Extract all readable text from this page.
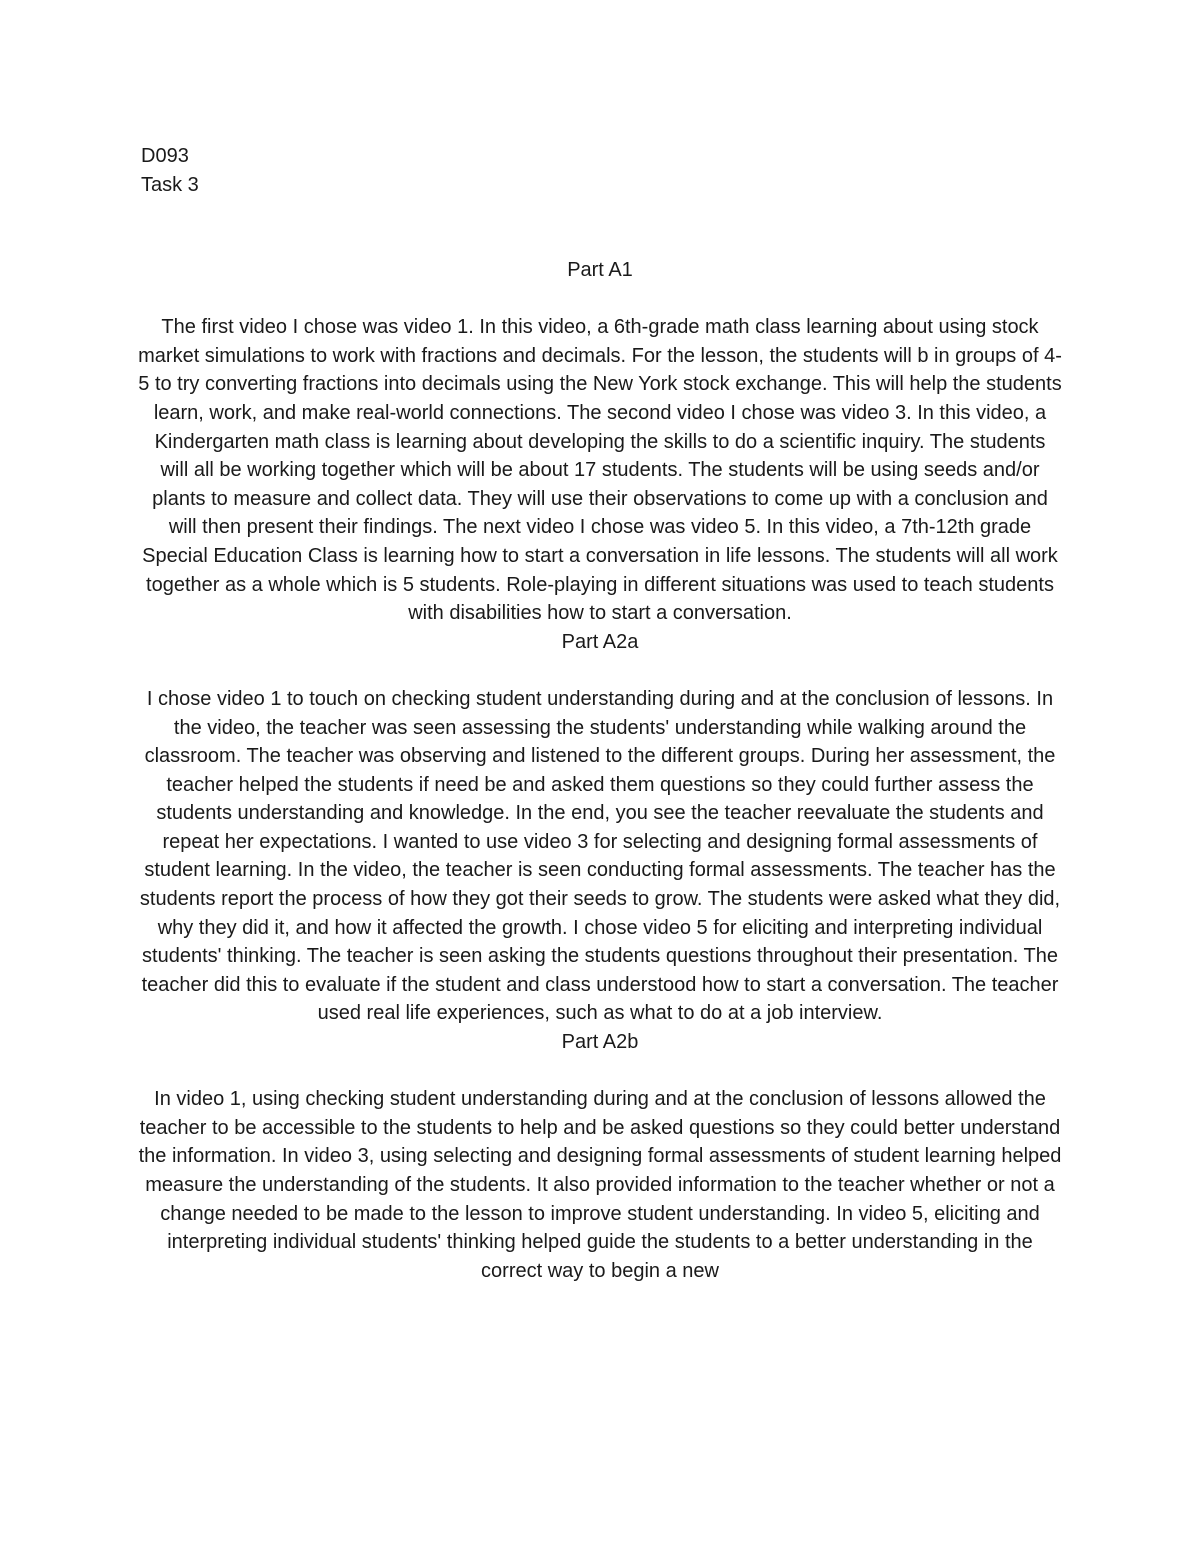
D093
Task 3
Part A1

The first video I chose was video 1. In this video, a 6th-grade math class learning about using stock market simulations to work with fractions and decimals. For the lesson, the students will b in groups of 4-5 to try converting fractions into decimals using the New York stock exchange. This will help the students learn, work, and make real-world connections. The second video I chose was video 3. In this video, a Kindergarten math class is learning about developing the skills to do a scientific inquiry. The students will all be working together which will be about 17 students. The students will be using seeds and/or plants to measure and collect data. They will use their observations to come up with a conclusion and will then present their findings. The next video I chose was video 5. In this video, a 7th-12th grade Special Education Class is learning how to start a conversation in life lessons. The students will all work together as a whole which is 5 students. Role-playing in different situations was used to teach students with disabilities how to start a conversation.

Part A2a

I chose video 1 to touch on checking student understanding during and at the conclusion of lessons. In the video, the teacher was seen assessing the students' understanding while walking around the classroom. The teacher was observing and listened to the different groups. During her assessment, the teacher helped the students if need be and asked them questions so they could further assess the students understanding and knowledge. In the end, you see the teacher reevaluate the students and repeat her expectations. I wanted to use video 3 for selecting and designing formal assessments of student learning. In the video, the teacher is seen conducting formal assessments. The teacher has the students report the process of how they got their seeds to grow. The students were asked what they did, why they did it, and how it affected the growth. I chose video 5 for eliciting and interpreting individual students' thinking. The teacher is seen asking the students questions throughout their presentation. The teacher did this to evaluate if the student and class understood how to start a conversation. The teacher used real life experiences, such as what to do at a job interview.

Part A2b

In video 1, using checking student understanding during and at the conclusion of lessons allowed the teacher to be accessible to the students to help and be asked questions so they could better understand the information. In video 3, using selecting and designing formal assessments of student learning helped measure the understanding of the students. It also provided information to the teacher whether or not a change needed to be made to the lesson to improve student understanding. In video 5, eliciting and interpreting individual students' thinking helped guide the students to a better understanding in the correct way to begin a new
